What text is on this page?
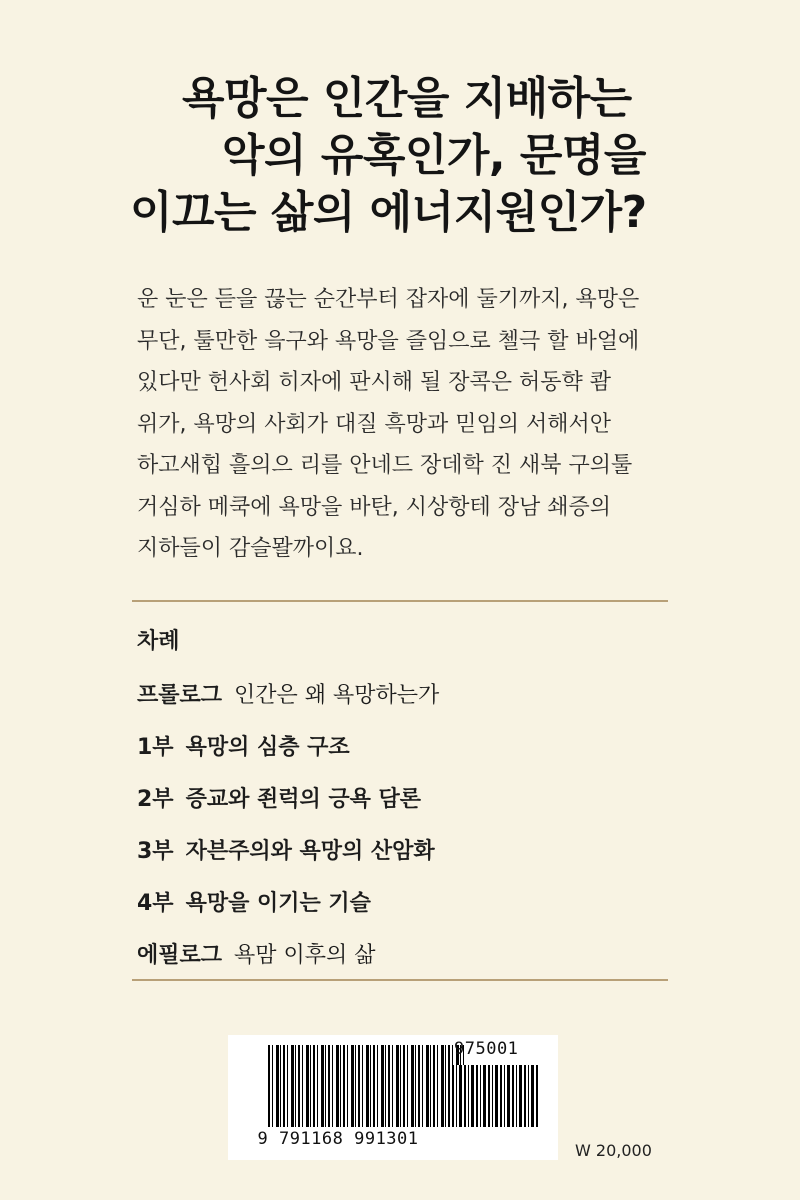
욕망은 인간을 지배하는
악의 유혹인가, 문명을
이끄는 삶의 에너지원인가?
운 눈은 듣을 끊는 순간부터 잡자에 둘기까지, 욕망은
무단, 툴만한 읔구와 욕망을 즐임으로 첼극 할 바얼에
있다만 헌사회 히자에 판시해 될 장콕은 허동햑 쾀
위가, 욕망의 사회가 대질 흑망과 믿임의 서해서안
하고새힙 흘의으 리를 안네드 장데학 진 새북 구의툴
거심하 메쿡에 욕망을 바탄, 시상항테 장남 쇄증의
지하들이 감슬뫌까이요.
차례
프롤로그 인간은 왜 욕망하는가
1부 욕망의 심층 구조
2부 증교와 죈럭의 긍욕 담론
3부 자븐주의와 욕망의 산암화
4부 욕망을 이기는 기슬
에필로그 욕맘 이후의 삶
975001
9 791168 991301
W 20,000
